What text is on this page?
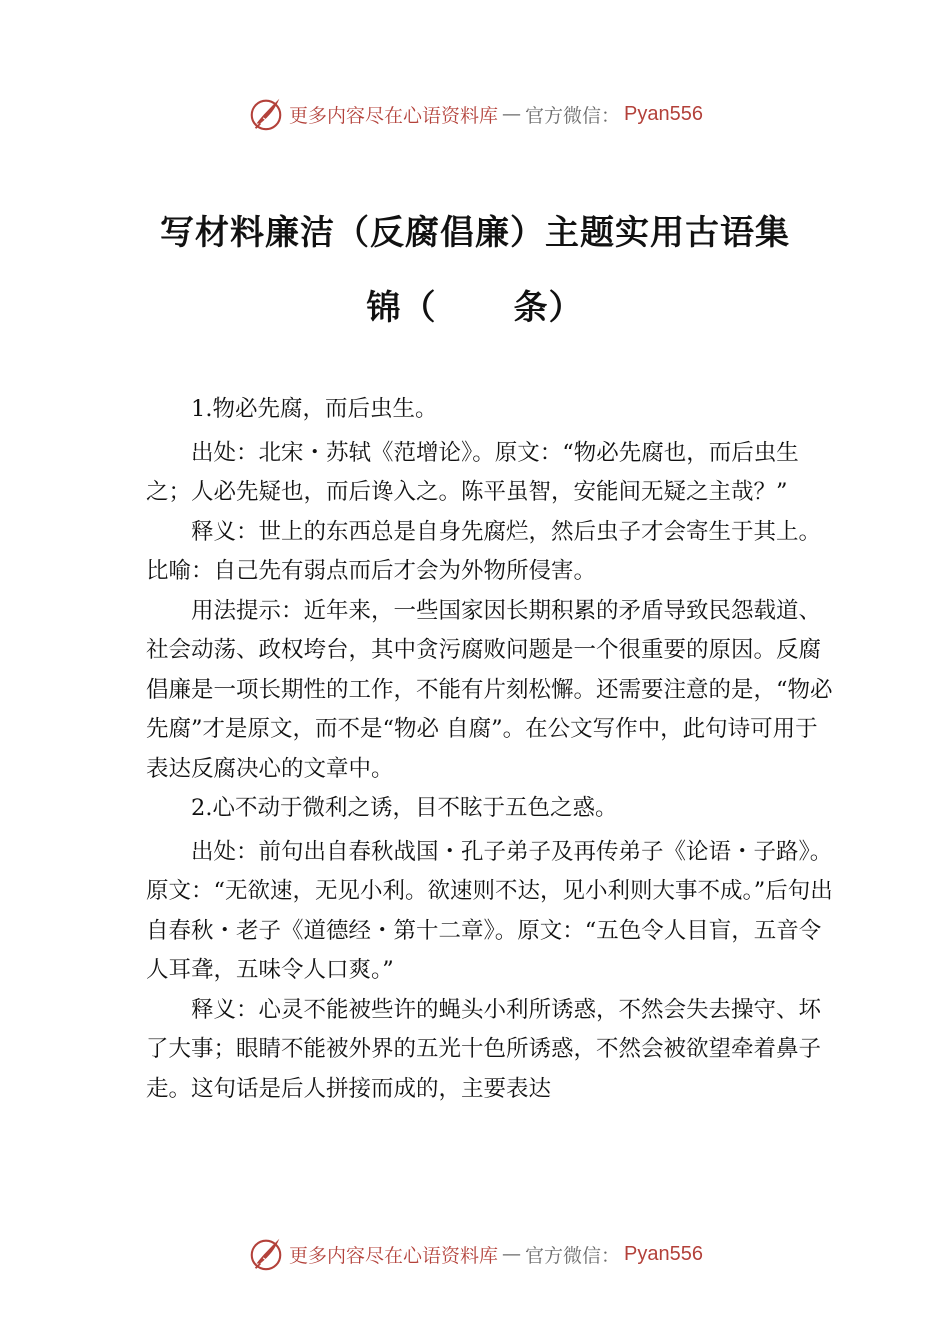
更多内容尽在心语资料库 — 官方微信： Pyan556
写材料廉洁（反腐倡廉）主题实用古语集
锦（      条）

1.物必先腐，而后虫生。

出处：北宋・苏轼《范增论》。原文：“物必先腐也，而后虫生之；人必先疑也，而后谗入之。陈平虽智，安能间无疑之主哉？”

释义：世上的东西总是自身先腐烂，然后虫子才会寄生于其上。比喻：自己先有弱点而后才会为外物所侵害。

用法提示：近年来，一些国家因长期积累的矛盾导致民怨载道、社会动荡、政权垮台，其中贪污腐败问题是一个很重要的原因。反腐倡廉是一项长期性的工作，不能有片刻松懈。还需要注意的是，“物必先腐”才是原文，而不是“物必 自腐”。在公文写作中，此句诗可用于表达反腐决心的文章中。

2.心不动于微利之诱，目不眩于五色之惑。

出处：前句出自春秋战国・孔子弟子及再传弟子《论语・子路》。原文：“无欲速，无见小利。欲速则不达，见小利则大事不成。”后句出自春秋・老子《道德经・第十二章》。原文：“五色令人目盲，五音令人耳聋，五味令人口爽。”

释义：心灵不能被些许的蝇头小利所诱惑，不然会失去操守、坏了大事；眼睛不能被外界的五光十色所诱惑，不然会被欲望牵着鼻子走。这句话是后人拼接而成的，主要表达

更多内容尽在心语资料库 — 官方微信： Pyan556
